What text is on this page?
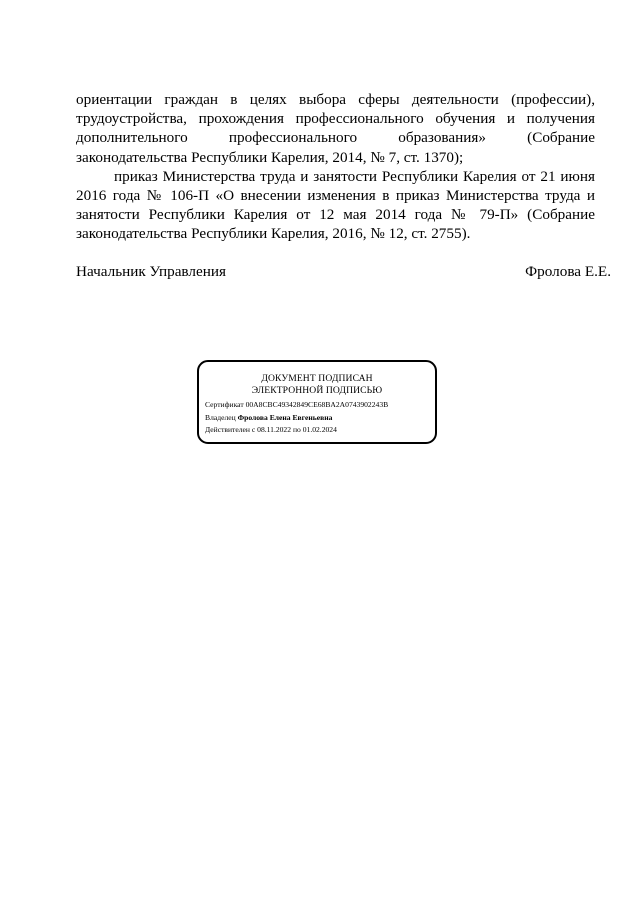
ориентации граждан в целях выбора сферы деятельности (профессии), трудоустройства, прохождения профессионального обучения и получения дополнительного профессионального образования» (Собрание законодательства Республики Карелия, 2014, № 7, ст. 1370);

приказ Министерства труда и занятости Республики Карелия от 21 июня 2016 года № 106-П «О внесении изменения в приказ Министерства труда и занятости Республики Карелия от 12 мая 2014 года № 79-П» (Собрание законодательства Республики Карелия, 2016, № 12, ст. 2755).

Начальник Управления	Фролова Е.Е.
ДОКУМЕНТ ПОДПИСАН
ЭЛЕКТРОННОЙ ПОДПИСЬЮ
Сертификат 00A8CBC49342849CE68BA2A0743902243B
Владелец Фролова Елена Евгеньевна
Действителен с 08.11.2022 по 01.02.2024
